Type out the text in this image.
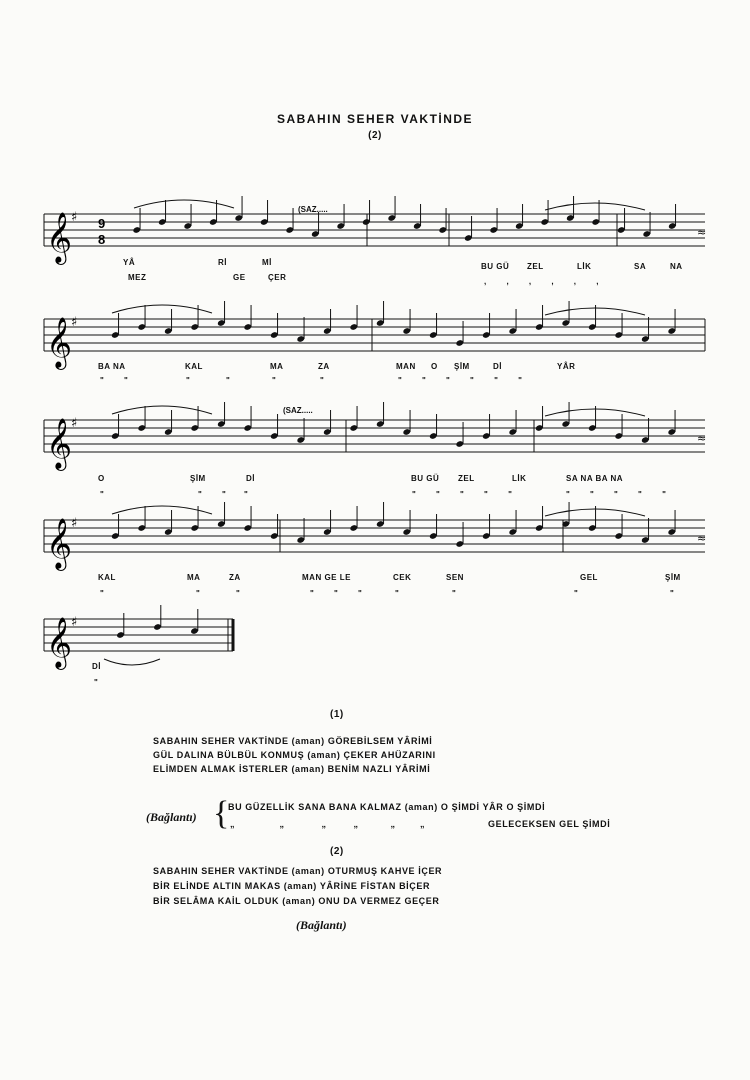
SABAHIN SEHER VAKTİNDE
(2)
𝄞
♯ 9
8	≈
𝄞
♯
𝄞
♯
≈
𝄞
♯
≈
𝄞
♯
(SAZ.....
(SAZ.....
YÂ	Rİ	Mİ	BU GÜ ZEL	LİK	SA	NA
MEZ	GE	ÇER	, , , , , ,
BA NA	KAL	MA	ZA	MAN O ŞİM	Dİ	YÂR
" "	"	"	"	"	" " " " " "
O	ŞİM	Dİ	BU GÜ ZEL	LİK	SA NA BA NA
"	" " "	" " " " "	" " " " "
KAL	MA	ZA	MAN GE LE	CEK	SEN	GEL	ŞİM
"	"	"	" " "	"	"	"	"
Dİ
"
(1)
SABAHIN SEHER VAKTİNDE (aman) GÖREBİLSEM YÂRİMİ
GÜL DALINA BÜLBÜL KONMUŞ (aman) ÇEKER AHÜZARINI
ELİMDEN ALMAK İSTERLER (aman) BENİM NAZLI YÂRİMİ
(Bağlantı) {
BU GÜZELLİK SANA BANA KALMAZ (aman) O ŞİMDİ YÂR O ŞİMDİ
„                  „               „           „             „          „	GELECEKSEN GEL ŞİMDİ
(2)
SABAHIN SEHER VAKTİNDE (aman) OTURMUŞ KAHVE İÇER
BİR ELİNDE ALTIN MAKAS (aman) YÂRİNE FİSTAN BİÇER
BİR SELÂMA KAİL OLDUK (aman) ONU DA VERMEZ GEÇER
(Bağlantı)
